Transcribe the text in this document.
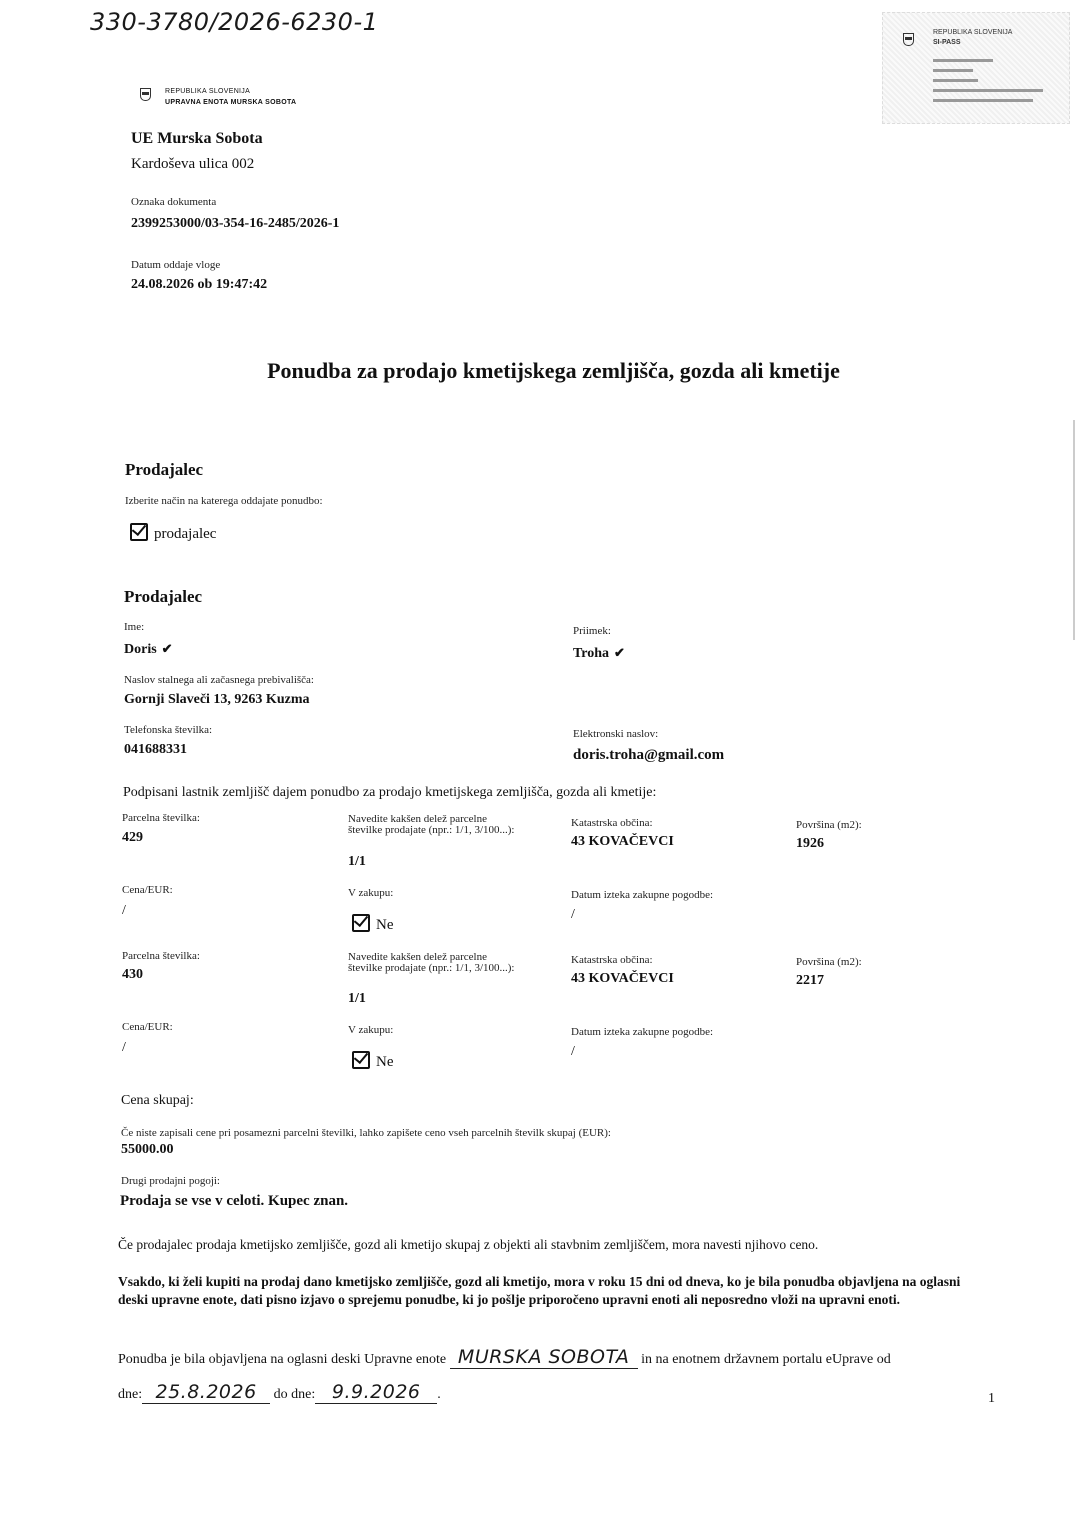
330-3780/2026-6230-1	REPUBLIKA SLOVENIJA
SI-PASS
REPUBLIKA SLOVENIJA
UPRAVNA ENOTA MURSKA SOBOTA
UE Murska Sobota
Kardoševa ulica 002
Oznaka dokumenta
2399253000/03-354-16-2485/2026-1
Datum oddaje vloge
24.08.2026 ob 19:47:42
Ponudba za prodajo kmetijskega zemljišča, gozda ali kmetije
Prodajalec
Izberite način na katerega oddajate ponudbo:
prodajalec
Prodajalec
Ime:
Doris ✔
Priimek:
Troha ✔
Naslov stalnega ali začasnega prebivališča:
Gornji Slaveči 13, 9263 Kuzma
Telefonska številka:
041688331
Elektronski naslov:
doris.troha@gmail.com
Podpisani lastnik zemljišč dajem ponudbo za prodajo kmetijskega zemljišča, gozda ali kmetije:
Parcelna številka:
429
Navedite kakšen delež parcelne številke prodajate (npr.: 1/1, 3/100...):
1/1
Katastrska občina:
43 KOVAČEVCI
Površina (m2):
1926
Cena/EUR:
/
V zakupu:
Ne
Datum izteka zakupne pogodbe:
/
Parcelna številka:
430
Navedite kakšen delež parcelne številke prodajate (npr.: 1/1, 3/100...):
1/1
Katastrska občina:
43 KOVAČEVCI
Površina (m2):
2217
Cena/EUR:
/
V zakupu:
Ne
Datum izteka zakupne pogodbe:
/
Cena skupaj:
Če niste zapisali cene pri posamezni parcelni številki, lahko zapišete ceno vseh parcelnih številk skupaj (EUR):
55000.00
Drugi prodajni pogoji:
Prodaja se vse v celoti. Kupec znan.
Če prodajalec prodaja kmetijsko zemljišče, gozd ali kmetijo skupaj z objekti ali stavbnim zemljiščem, mora navesti njihovo ceno.
Vsakdo, ki želi kupiti na prodaj dano kmetijsko zemljišče, gozd ali kmetijo, mora v roku 15 dni od dneva, ko je bila ponudba objavljena na oglasni deski upravne enote, dati pisno izjavo o sprejemu ponudbe, ki jo pošlje priporočeno upravni enoti ali neposredno vloži na upravni enoti.
Ponudba je bila objavljena na oglasni deski Upravne enote MURSKA SOBOTA in na enotnem državnem portalu eUprave od
dne: 25.8.2026 do dne: 9.9.2026 .	1
